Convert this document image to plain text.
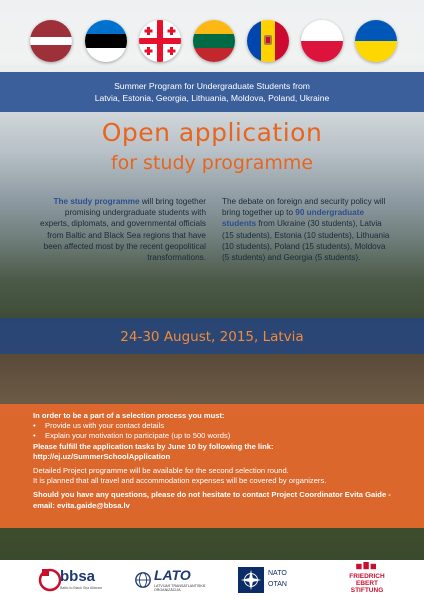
Summer Program for Undergraduate Students from
Latvia, Estonia, Georgia, Lithuania, Moldova, Poland, Ukraine
Open application
for study programme
The study programme will bring together promising undergraduate students with experts, diplomats, and governmental officials from Baltic and Black Sea regions that have been affected most by the recent geopolitical transformations.
The debate on foreign and security policy will bring together up to 90 undergraduate students from Ukraine (30 students), Latvia (15 students), Estonia (10 students), Lithuania (10 students), Poland (15 students), Moldova (5 students) and Georgia (5 students).
24-30 August, 2015, Latvia
In order to be a part of a selection process you must:
• Provide us with your contact details
• Explain your motivation to participate (up to 500 words)
Please fulfill the application tasks by June 10 by following the link:
http://ej.uz/SummerSchoolApplication
Detailed Project programme will be available for the second selection round.
It is planned that all travel and accommodation expenses will be covered by organizers.
Should you have any questions, please do not hesitate to contact Project Coordinator Evita Gaide - email: evita.gaide@bbsa.lv
bbsa
Baltic to Black Sea Alliance
LATO
LATVIJAS TRANSATLANTISKĀ ORGANIZĀCIJA
NATO
OTAN
FRIEDRICH
EBERT
STIFTUNG
